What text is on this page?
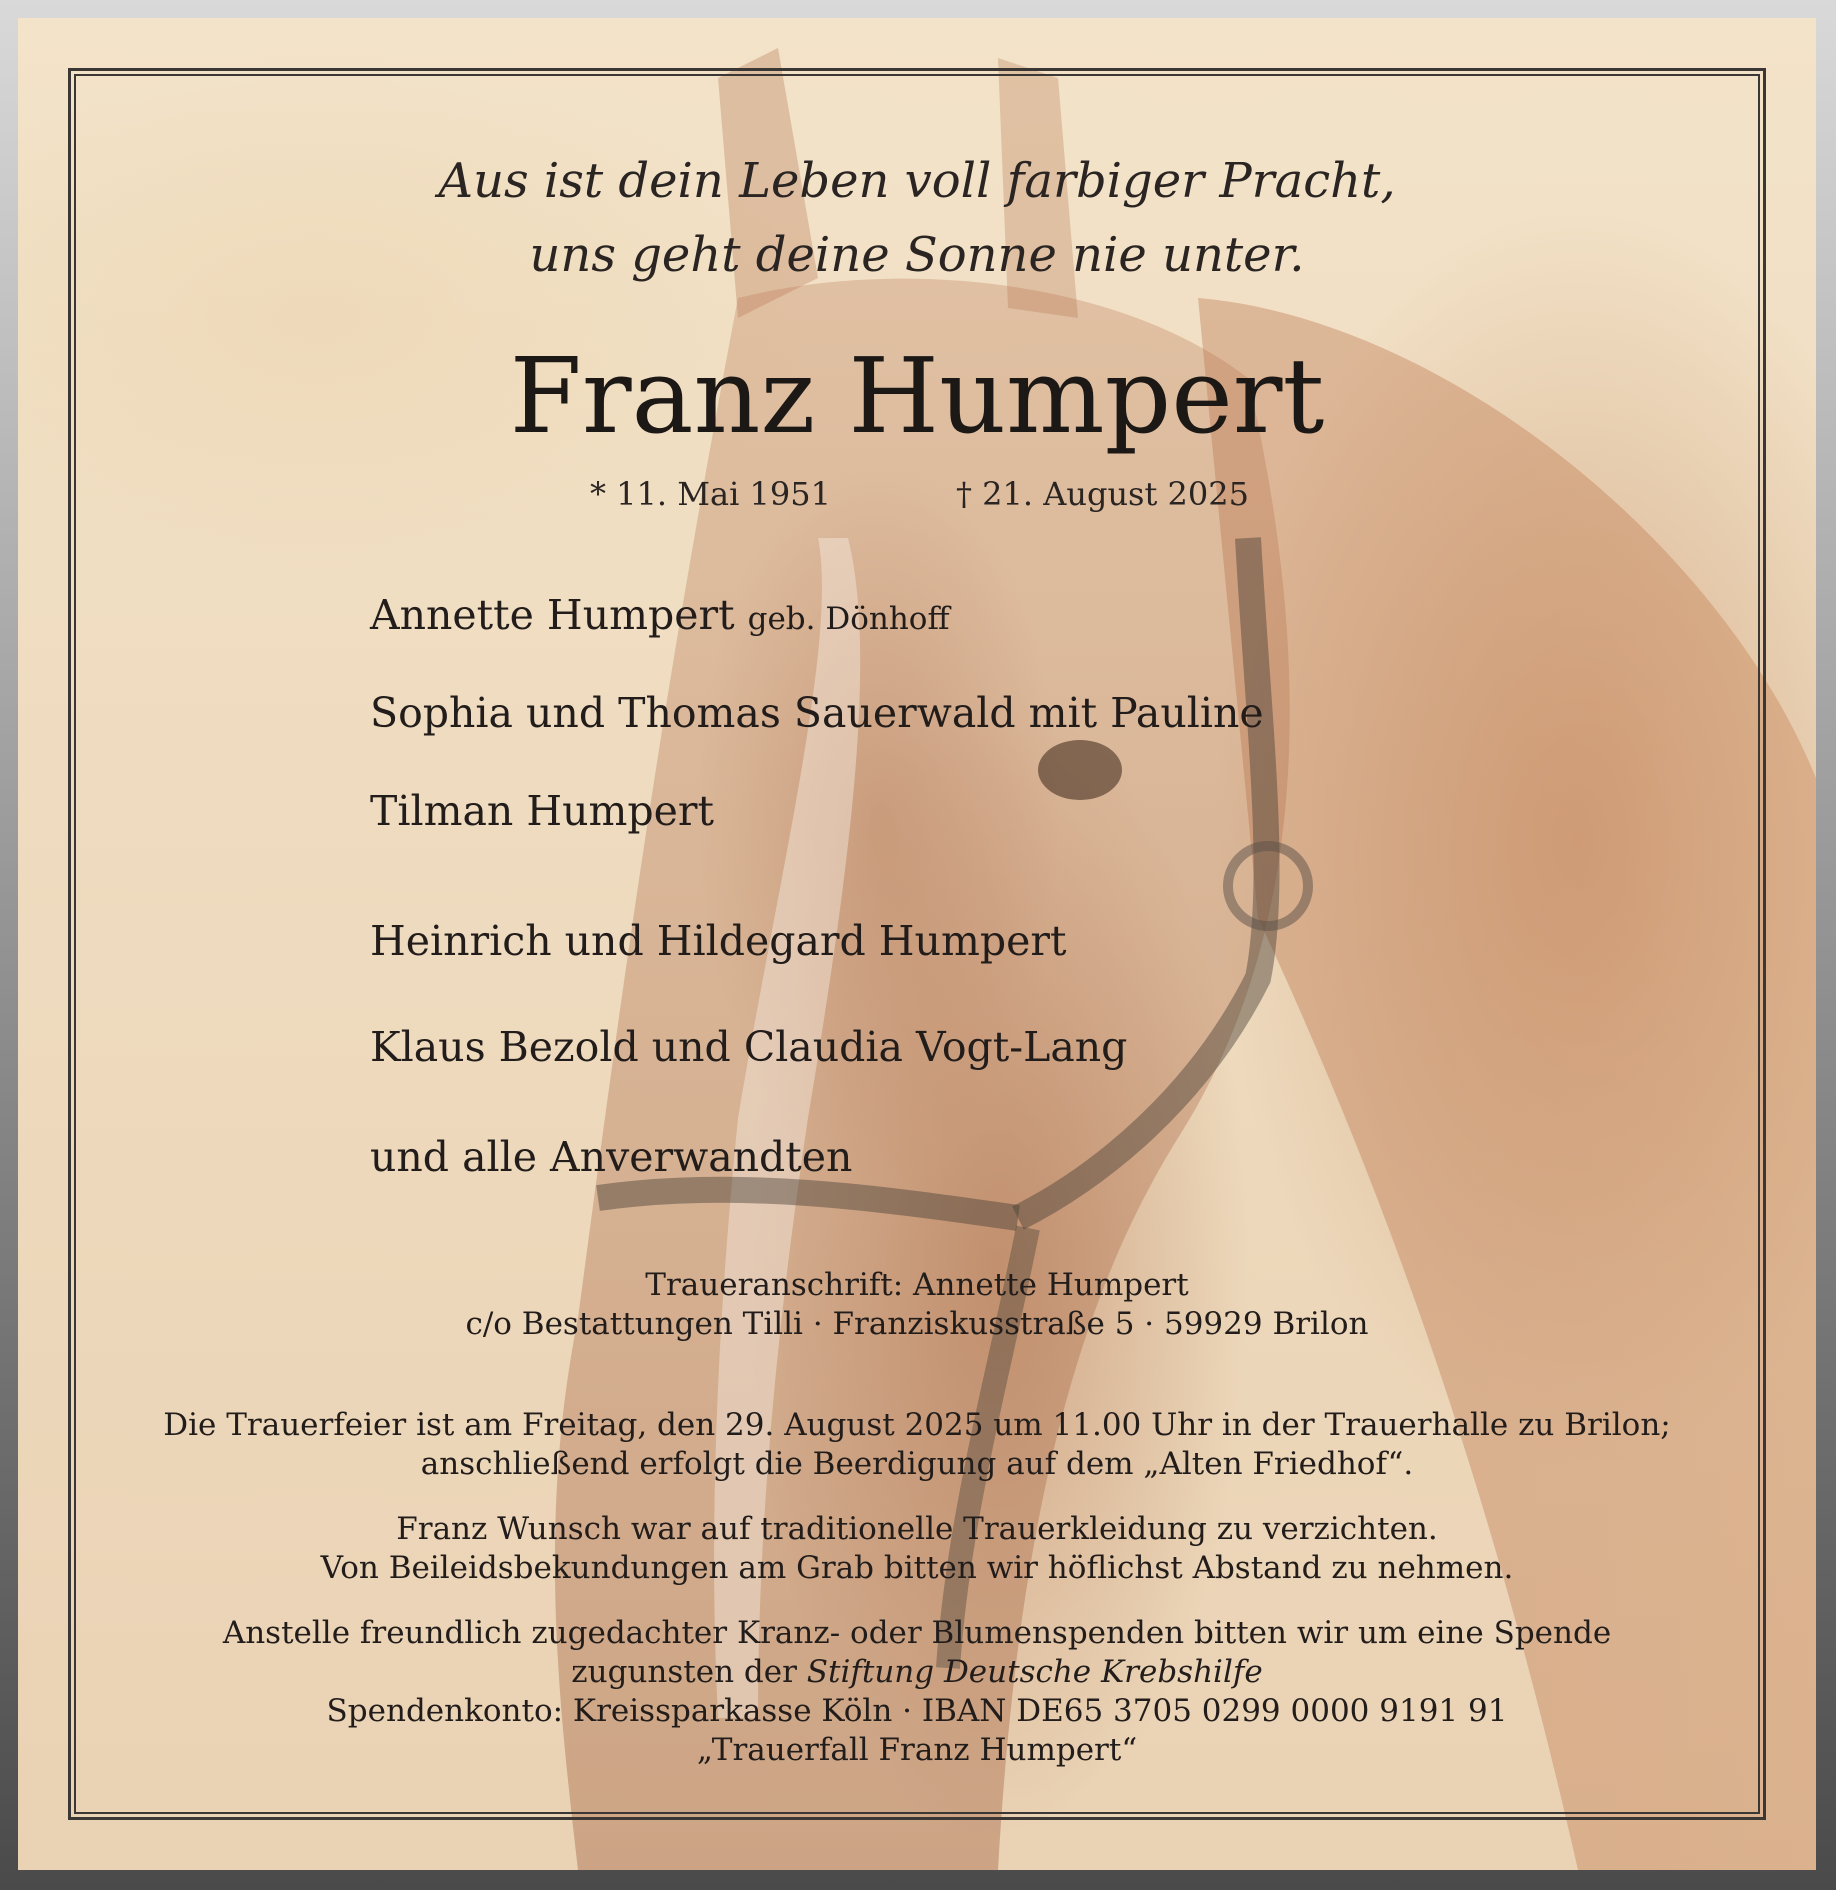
Aus ist dein Leben voll farbiger Pracht,
uns geht deine Sonne nie unter.
Franz Humpert
* 11. Mai 1951	† 21. August 2025
Annette Humpert geb. Dönhoff
Sophia und Thomas Sauerwald mit Pauline
Tilman Humpert
Heinrich und Hildegard Humpert
Klaus Bezold und Claudia Vogt-Lang
und alle Anverwandten
Traueranschrift: Annette Humpert
c/o Bestattungen Tilli · Franziskusstraße 5 · 59929 Brilon
Die Trauerfeier ist am Freitag, den 29. August 2025 um 11.00 Uhr in der Trauerhalle zu Brilon;
anschließend erfolgt die Beerdigung auf dem „Alten Friedhof“.
Franz Wunsch war auf traditionelle Trauerkleidung zu verzichten.
Von Beileidsbekundungen am Grab bitten wir höflichst Abstand zu nehmen.
Anstelle freundlich zugedachter Kranz- oder Blumenspenden bitten wir um eine Spende
zugunsten der Stiftung Deutsche Krebshilfe
Spendenkonto: Kreissparkasse Köln · IBAN DE65 3705 0299 0000 9191 91
„Trauerfall Franz Humpert“
